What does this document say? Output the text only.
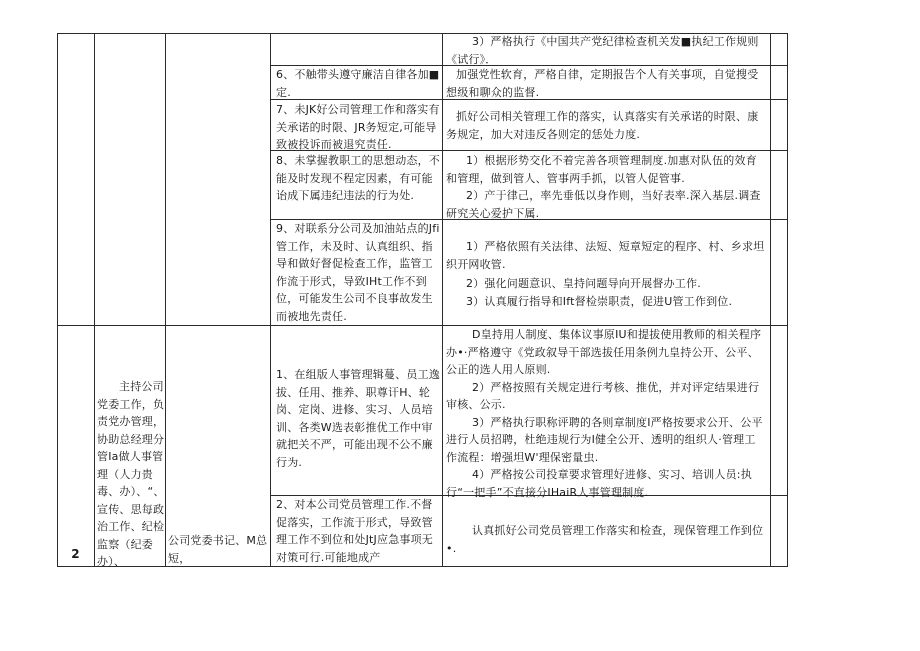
6、不触带头遵守廉洁自律各加■定.
7、未JK好公司管理工作和落实有关承诺的时限、JR务短定,可能导致被投诉而被退究责任.
8、未掌握教职工的思想动态，不能及时发现不程定因素，有可能诒成下属违纪违法的行为处.
9、对联系分公司及加油站点的Jfi管工作，未及时、认真组织、指导和做好督促检查工作，监管工作流于形式，导致IHt工作不到位，可能发生公司不良事故发生而被地先责任.
3）严格执行《中国共产党纪律检查机关发■执纪工作规则《试行》．
加强党性软育，严格自律，定期报告个人有关事项，自觉搜受想级和聊众的监督.
抓好公司相关管理工作的落实，认真落实有关承诺的时限、康务规定，加大对违反各则定的恁处力度.
1）根据形势交化不着完善各项管理制度.加惠对队伍的效育和管理，做到管人、管事两手抓，以管人促管事.
2）产于律己，率先垂低以身作则，当好表率.深入基层.调查研究关心爱护下属.
1）严格依照有关法律、法短、短章短定的程序、村、乡求坦织开网收管.
2）强化问题意识、皇持问题导向开展督办工作.
3）认真履行指导和Ift督检崇职责，促进U管工作到位.
2
主持公司党委工作，负责党办管理，协助总经理分管Ia做人事管理（人力贵毒、办）、“、宣传、思每政治工作、纪检监察（纪委办）、
公司党委书记、M总短，
1、在组版人事管理辑蔓、员工逸拔、任用、推养、职尊讦H、轮岗、定岗、进修、实习、人员培训、各类W选表彰推优工作中审就把关不严，可能出现不公不廉行为.
2、对本公司党员管理工作.不督促落实，工作流于形式，导致管理工作不到位和处JtJ应急事项无对策可行.可能地成产
D皇持用人制度、集体议事原IU和提拔使用教师的相关程序办•·严格遵守《党政叙导干部选拔任用条例九皇持公开、公平、公正的选人用人原则.
2）严格按照有关规定进行考核、推优，并对评定结果进行审核、公示.
3）严格执行职称评聘的各则章制度I严格按要求公开、公平进行人员招聘，杜绝违规行为I健全公开、透明的组织人·管理工作流程：增强坦W'理保密量虫.
4）严格按公司投章要求管理好进修、实习、培训人员:执行“一把手”不直接分IHaiR人事管理制度.
认真抓好公司党员管理工作落实和检查，现保管理工作到位•.
